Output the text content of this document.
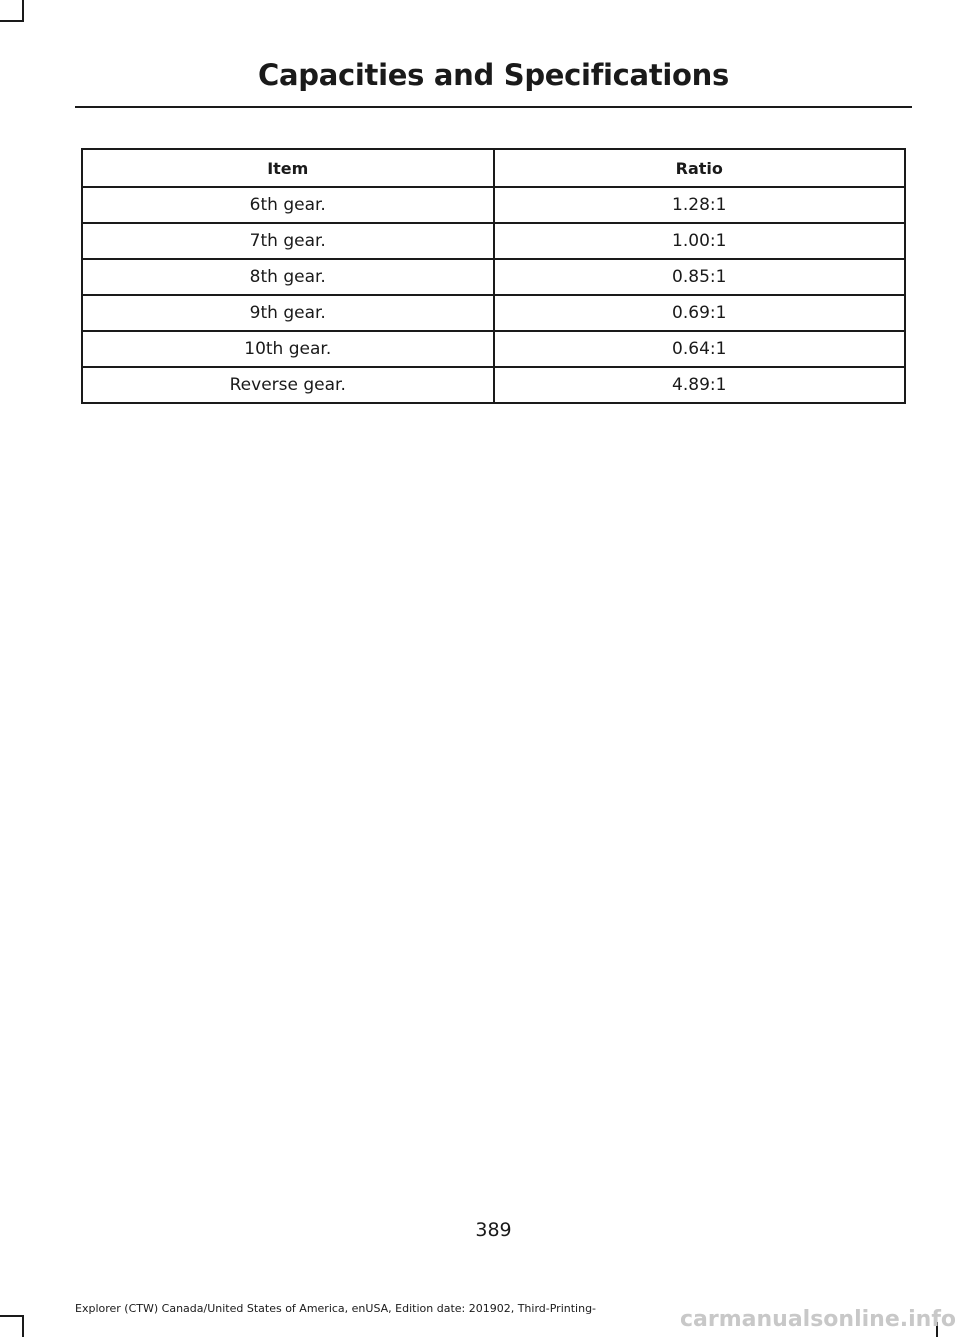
Capacities and Specifications
Item	Ratio
6th gear.	1.28:1
7th gear.	1.00:1
8th gear.	0.85:1
9th gear.	0.69:1
10th gear.	0.64:1
Reverse gear.	4.89:1
389
Explorer (CTW) Canada/United States of America, enUSA, Edition date: 201902, Third-Printing-	carmanualsonline.info
